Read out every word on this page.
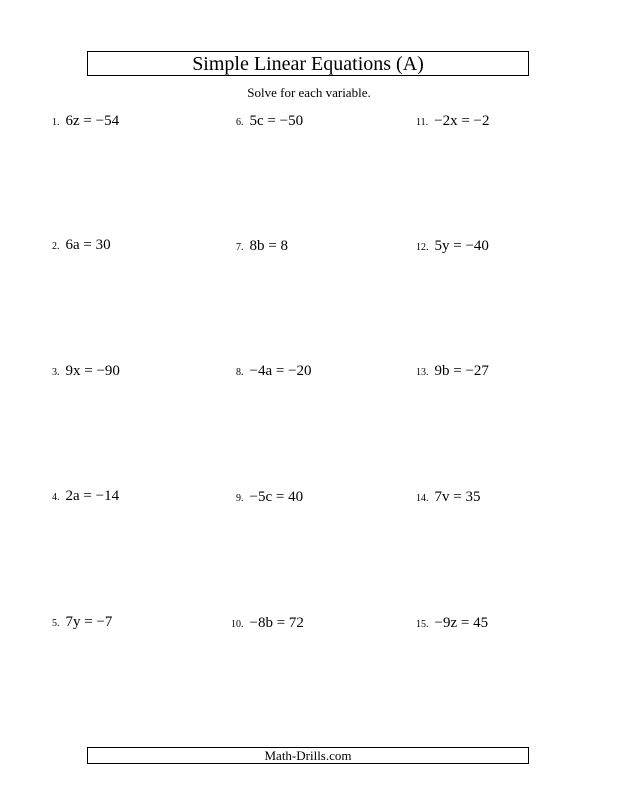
Simple Linear Equations (A)
Solve for each variable.
1. 6z = −54
2. 6a = 30
3. 9x = −90
4. 2a = −14
5. 7y = −7
6. 5c = −50
7. 8b = 8
8. −4a = −20
9. −5c = 40
10. −8b = 72
11. −2x = −2
12. 5y = −40
13. 9b = −27
14. 7v = 35
15. −9z = 45
Math-Drills.com
